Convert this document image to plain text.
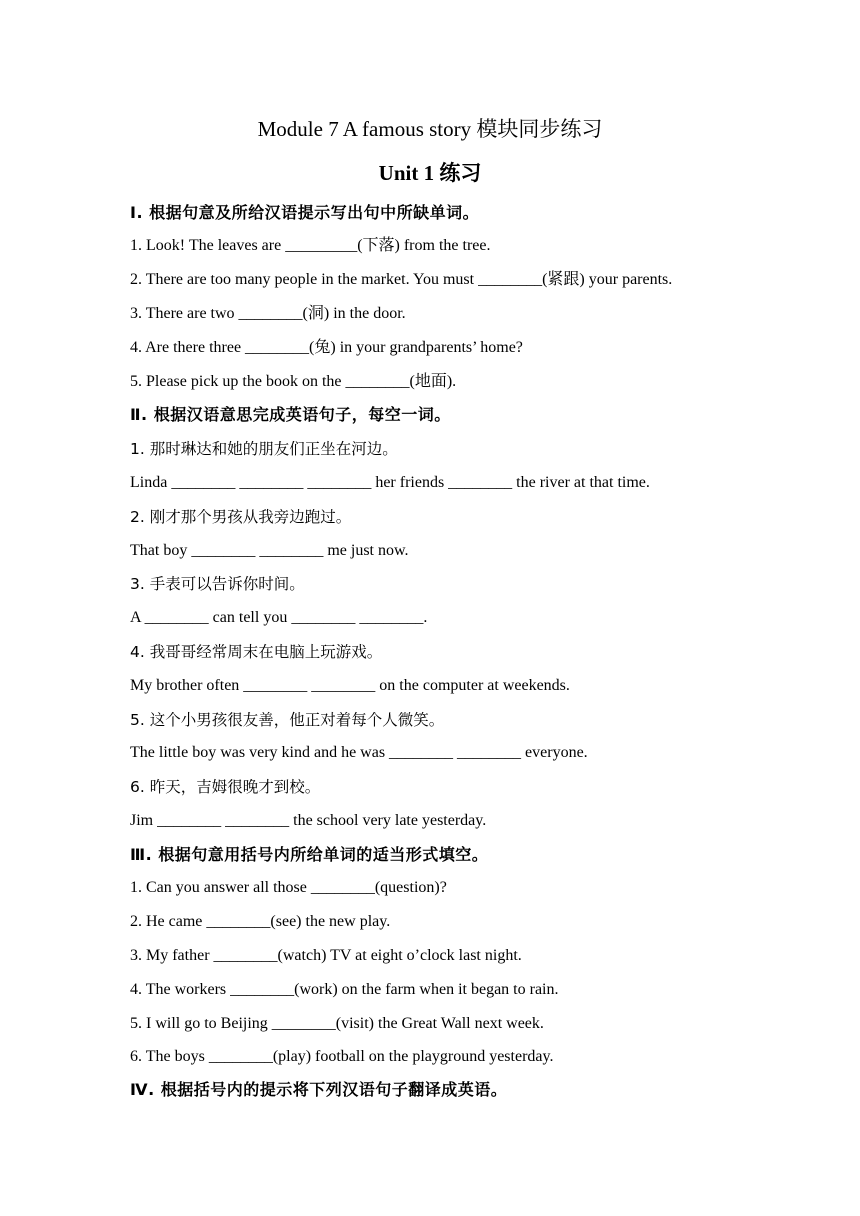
Module 7 A famous story 模块同步练习
Unit 1 练习
Ⅰ. 根据句意及所给汉语提示写出句中所缺单词。
1. Look! The leaves are _________(下落) from the tree.
2. There are too many people in the market. You must ________(紧跟) your parents.
3. There are two ________(洞) in the door.
4. Are there three ________(兔) in your grandparents’ home?
5. Please pick up the book on the ________(地面).
Ⅱ. 根据汉语意思完成英语句子，每空一词。
1. 那时琳达和她的朋友们正坐在河边。
Linda ________ ________ ________ her friends ________ the river at that time.
2. 刚才那个男孩从我旁边跑过。
That boy ________ ________ me just now.
3. 手表可以告诉你时间。
A ________ can tell you ________ ________.
4. 我哥哥经常周末在电脑上玩游戏。
My brother often ________ ________ on the computer at weekends.
5. 这个小男孩很友善，他正对着每个人微笑。
The little boy was very kind and he was ________ ________ everyone.
6. 昨天，吉姆很晚才到校。
Jim ________ ________ the school very late yesterday.
Ⅲ. 根据句意用括号内所给单词的适当形式填空。
1. Can you answer all those ________(question)?
2. He came ________(see) the new play.
3. My father ________(watch) TV at eight o’clock last night.
4. The workers ________(work) on the farm when it began to rain.
5. I will go to Beijing ________(visit) the Great Wall next week.
6. The boys ________(play) football on the playground yesterday.
Ⅳ. 根据括号内的提示将下列汉语句子翻译成英语。
